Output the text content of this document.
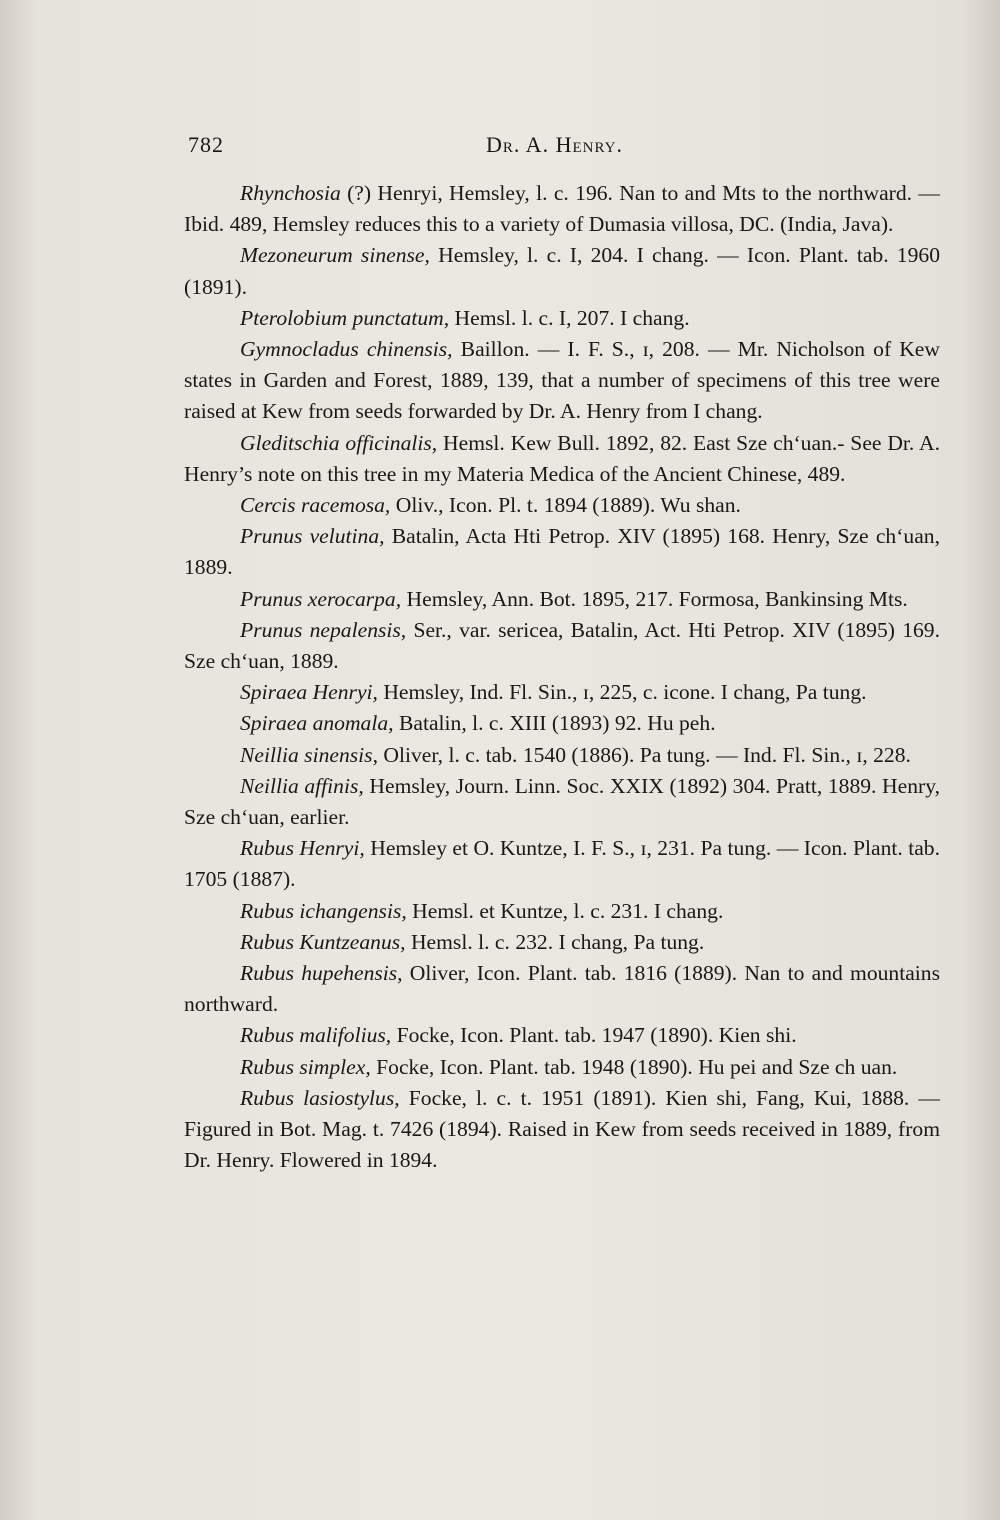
782	Dr. A. Henry.

Rhynchosia (?) Henryi, Hemsley, l. c. 196. Nan to and Mts to the northward. — Ibid. 489, Hemsley reduces this to a variety of Dumasia villosa, DC. (India, Java).

Mezoneurum sinense, Hemsley, l. c. I, 204. I chang. — Icon. Plant. tab. 1960 (1891).

Pterolobium punctatum, Hemsl. l. c. I, 207. I chang.

Gymnocladus chinensis, Baillon. — I. F. S., ɪ, 208. — Mr. Nicholson of Kew states in Garden and Forest, 1889, 139, that a number of specimens of this tree were raised at Kew from seeds forwarded by Dr. A. Henry from I chang.

Gleditschia officinalis, Hemsl. Kew Bull. 1892, 82. East Sze chʻuan.- See Dr. A. Henry’s note on this tree in my Materia Medica of the Ancient Chinese, 489.

Cercis racemosa, Oliv., Icon. Pl. t. 1894 (1889). Wu shan.

Prunus velutina, Batalin, Acta Hti Petrop. XIV (1895) 168. Henry, Sze chʻuan, 1889.

Prunus xerocarpa, Hemsley, Ann. Bot. 1895, 217. Formosa, Bankinsing Mts.

Prunus nepalensis, Ser., var. sericea, Batalin, Act. Hti Petrop. XIV (1895) 169. Sze chʻuan, 1889.

Spiraea Henryi, Hemsley, Ind. Fl. Sin., ɪ, 225, c. icone. I chang, Pa tung.

Spiraea anomala, Batalin, l. c. XIII (1893) 92. Hu peh.

Neillia sinensis, Oliver, l. c. tab. 1540 (1886). Pa tung. — Ind. Fl. Sin., ɪ, 228.

Neillia affinis, Hemsley, Journ. Linn. Soc. XXIX (1892) 304. Pratt, 1889. Henry, Sze chʻuan, earlier.

Rubus Henryi, Hemsley et O. Kuntze, I. F. S., ɪ, 231. Pa tung. — Icon. Plant. tab. 1705 (1887).

Rubus ichangensis, Hemsl. et Kuntze, l. c. 231. I chang.

Rubus Kuntzeanus, Hemsl. l. c. 232. I chang, Pa tung.

Rubus hupehensis, Oliver, Icon. Plant. tab. 1816 (1889). Nan to and mountains northward.

Rubus malifolius, Focke, Icon. Plant. tab. 1947 (1890). Kien shi.

Rubus simplex, Focke, Icon. Plant. tab. 1948 (1890). Hu pei and Sze ch uan.

Rubus lasiostylus, Focke, l. c. t. 1951 (1891). Kien shi, Fang, Kui, 1888. — Figured in Bot. Mag. t. 7426 (1894). Raised in Kew from seeds received in 1889, from Dr. Henry. Flowered in 1894.
